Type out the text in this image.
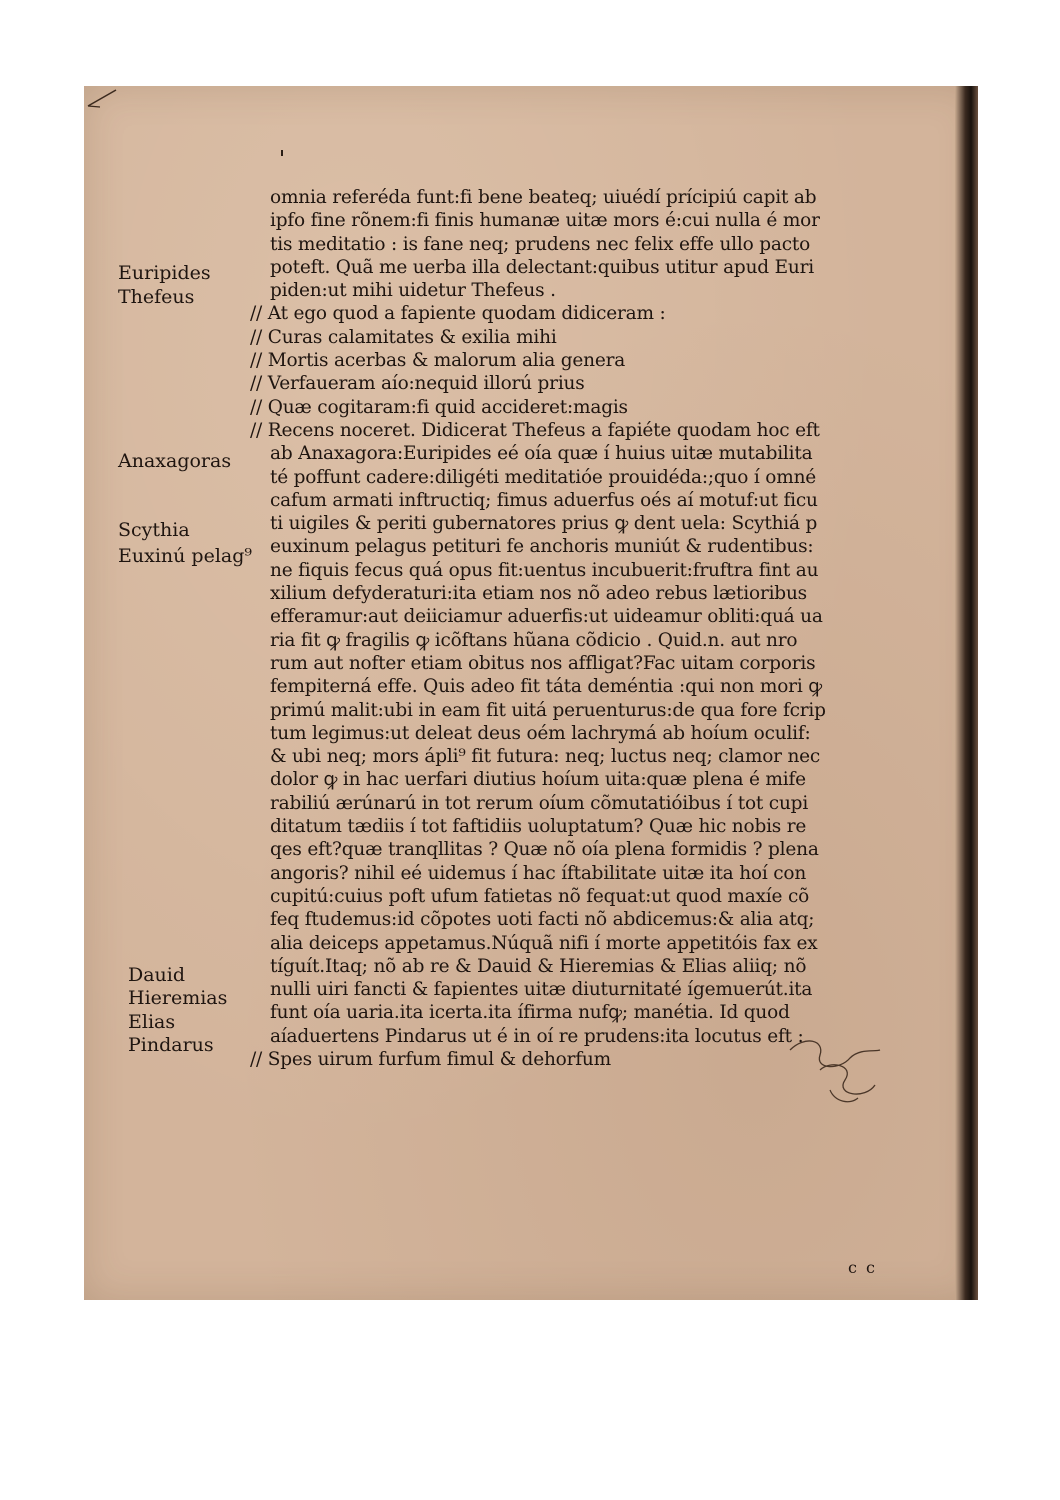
omnia referéda funt:fi bene beateq; uiuédí prícipiú capit ab
ipfo fine rõnem:fi finis humanæ uitæ mors é:cui nulla é mor
tis meditatio : is fane neq; prudens nec felix effe ullo pacto
poteft. Quã me uerba illa delectant:quibus utitur apud Euri
piden:ut mihi uidetur Thefeus .
// At ego quod a fapiente quodam didiceram :
// Curas calamitates & exilia mihi
// Mortis acerbas & malorum alia genera
// Verfaueram aío:nequid illorú prius
// Quæ cogitaram:fi quid accideret:magis
// Recens noceret. Didicerat Thefeus a fapiéte quodam hoc eft
ab Anaxagora:Euripides eé oía quæ í huius uitæ mutabilita
té poffunt cadere:diligéti meditatióe prouidéda:;quo í omné
cafum armati inftructiq; fimus aduerfus oés aí motuf:ut ficu
ti uigiles & periti gubernatores prius ꝙ dent uela: Scythiá p
euxinum pelagus petituri fe anchoris muniút & rudentibus:
ne fiquis fecus quá opus fit:uentus incubuerit:fruftra fint au
xilium defyderaturi:ita etiam nos nõ adeo rebus lætioribus
efferamur:aut deiiciamur aduerfis:ut uideamur obliti:quá ua
ria fit ꝙ fragilis ꝙ icõftans hũana cõdicio . Quid.n. aut nro
rum aut nofter etiam obitus nos affligat?Fac uitam corporis
fempiterná effe. Quis adeo fit táta deméntia :qui non mori ꝙ
primú malit:ubi in eam fit uitá peruenturus:de qua fore fcrip
tum legimus:ut deleat deus oém lachrymá ab hoíum oculif:
& ubi neq; mors ápli⁹ fit futura: neq; luctus neq; clamor nec
dolor ꝙ in hac uerfari diutius hoíum uita:quæ plena é mife
rabiliú ærúnarú in tot rerum oíum cõmutatióibus í tot cupi
ditatum tædiis í tot faftidiis uoluptatum? Quæ hic nobis re
qes eft?quæ tranqllitas ? Quæ nõ oía plena formidis ? plena
angoris? nihil eé uidemus í hac íftabilitate uitæ ita hoí con
cupitú:cuius poft ufum fatietas nõ fequat:ut quod maxíe cõ
feq ftudemus:id cõpotes uoti facti nõ abdicemus:& alia atq;
alia deiceps appetamus.Núquã nifi í morte appetitóis fax ex
tíguít.Itaq; nõ ab re & Dauid & Hieremias & Elias aliiq; nõ
nulli uiri fancti & fapientes uitæ diuturnitaté ígemuerút.ita
funt oía uaria.ita icerta.ita ífirma nufꝙ; manétia. Id quod
aíaduertens Pindarus ut é in oí re prudens:ita locutus eft :
// Spes uirum furfum fimul & dehorfum
Euripides
Thefeus
Anaxagoras
Scythia
Euxinú pelag⁹
Dauid
Hieremias
Elias
Pindarus
c c
